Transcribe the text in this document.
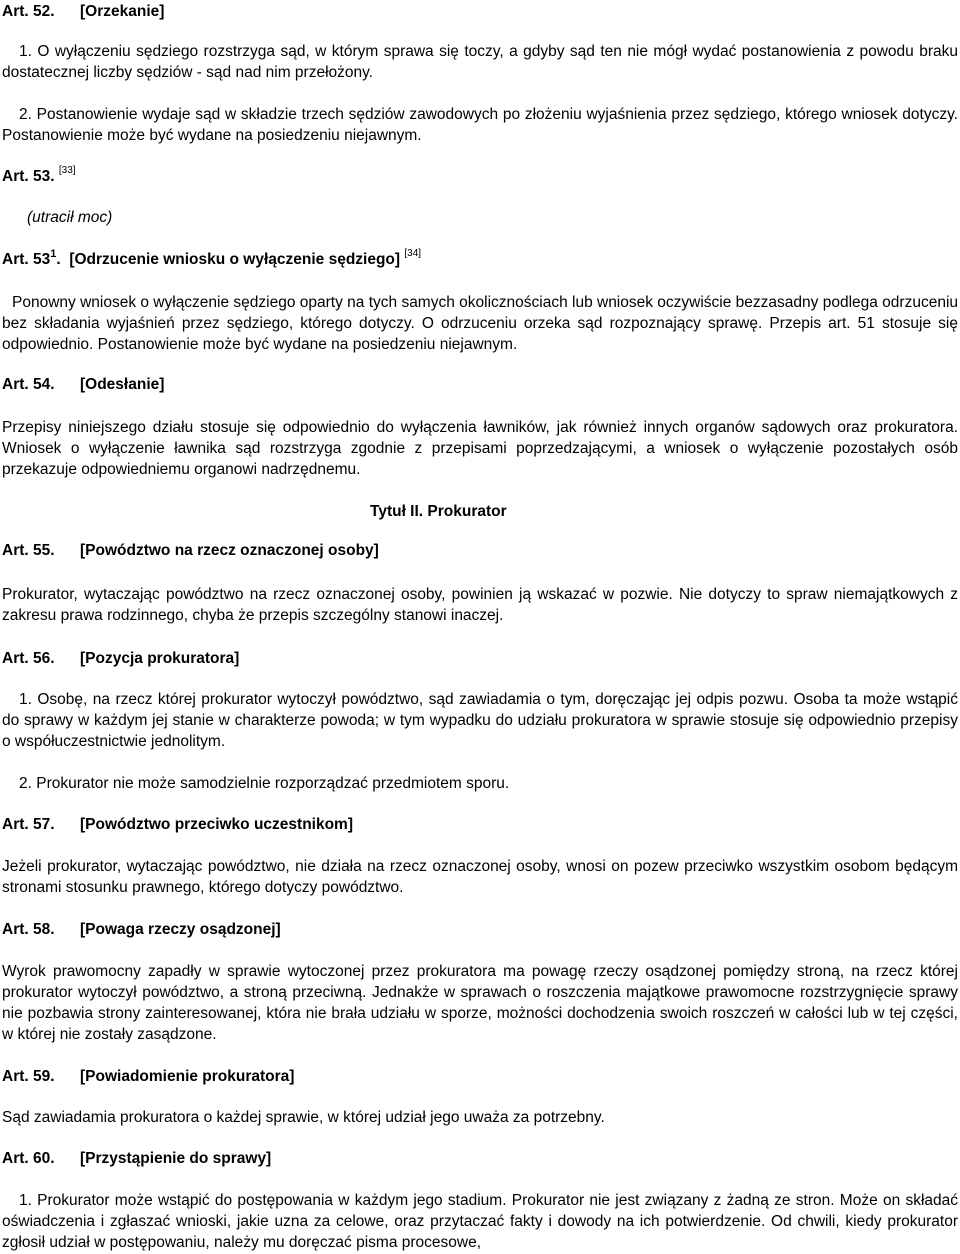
Art. 52. [Orzekanie]

1. O wyłączeniu sędziego rozstrzyga sąd, w którym sprawa się toczy, a gdyby sąd ten nie mógł wydać postanowienia z powodu braku dostatecznej liczby sędziów - sąd nad nim przełożony.

2. Postanowienie wydaje sąd w składzie trzech sędziów zawodowych po złożeniu wyjaśnienia przez sędziego, którego wniosek dotyczy. Postanowienie może być wydane na posiedzeniu niejawnym.

Art. 53. [33]
(utracił moc)
Art. $53^1$. [Odrzucenie wniosku o wyłączenie sędziego] [34]

Ponowny wniosek o wyłączenie sędziego oparty na tych samych okolicznościach lub wniosek oczywiście bezzasadny podlega odrzuceniu bez składania wyjaśnień przez sędziego, którego dotyczy. O odrzuceniu orzeka sąd rozpoznający sprawę. Przepis art. 51 stosuje się odpowiednio. Postanowienie może być wydane na posiedzeniu niejawnym.

Art. 54. [Odesłanie]

Przepisy niniejszego działu stosuje się odpowiednio do wyłączenia ławników, jak również innych organów sądowych oraz prokuratora. Wniosek o wyłączenie ławnika sąd rozstrzyga zgodnie z przepisami poprzedzającymi, a wniosek o wyłączenie pozostałych osób przekazuje odpowiedniemu organowi nadrzędnemu.

Tytuł II. Prokurator
Art. 55. [Powództwo na rzecz oznaczonej osoby]

Prokurator, wytaczając powództwo na rzecz oznaczonej osoby, powinien ją wskazać w pozwie. Nie dotyczy to spraw niemajątkowych z zakresu prawa rodzinnego, chyba że przepis szczególny stanowi inaczej.

Art. 56. [Pozycja prokuratora]

1. Osobę, na rzecz której prokurator wytoczył powództwo, sąd zawiadamia o tym, doręczając jej odpis pozwu. Osoba ta może wstąpić do sprawy w każdym jej stanie w charakterze powoda; w tym wypadku do udziału prokuratora w sprawie stosuje się odpowiednio przepisy o współuczestnictwie jednolitym.

2. Prokurator nie może samodzielnie rozporządzać przedmiotem sporu.

Art. 57. [Powództwo przeciwko uczestnikom]

Jeżeli prokurator, wytaczając powództwo, nie działa na rzecz oznaczonej osoby, wnosi on pozew przeciwko wszystkim osobom będącym stronami stosunku prawnego, którego dotyczy powództwo.

Art. 58. [Powaga rzeczy osądzonej]

Wyrok prawomocny zapadły w sprawie wytoczonej przez prokuratora ma powagę rzeczy osądzonej pomiędzy stroną, na rzecz której prokurator wytoczył powództwo, a stroną przeciwną. Jednakże w sprawach o roszczenia majątkowe prawomocne rozstrzygnięcie sprawy nie pozbawia strony zainteresowanej, która nie brała udziału w sporze, możności dochodzenia swoich roszczeń w całości lub w tej części, w której nie zostały zasądzone.

Art. 59. [Powiadomienie prokuratora]

Sąd zawiadamia prokuratora o każdej sprawie, w której udział jego uważa za potrzebny.

Art. 60. [Przystąpienie do sprawy]

1. Prokurator może wstąpić do postępowania w każdym jego stadium. Prokurator nie jest związany z żadną ze stron. Może on składać oświadczenia i zgłaszać wnioski, jakie uzna za celowe, oraz przytaczać fakty i dowody na ich potwierdzenie. Od chwili, kiedy prokurator zgłosił udział w postępowaniu, należy mu doręczać pisma procesowe,
